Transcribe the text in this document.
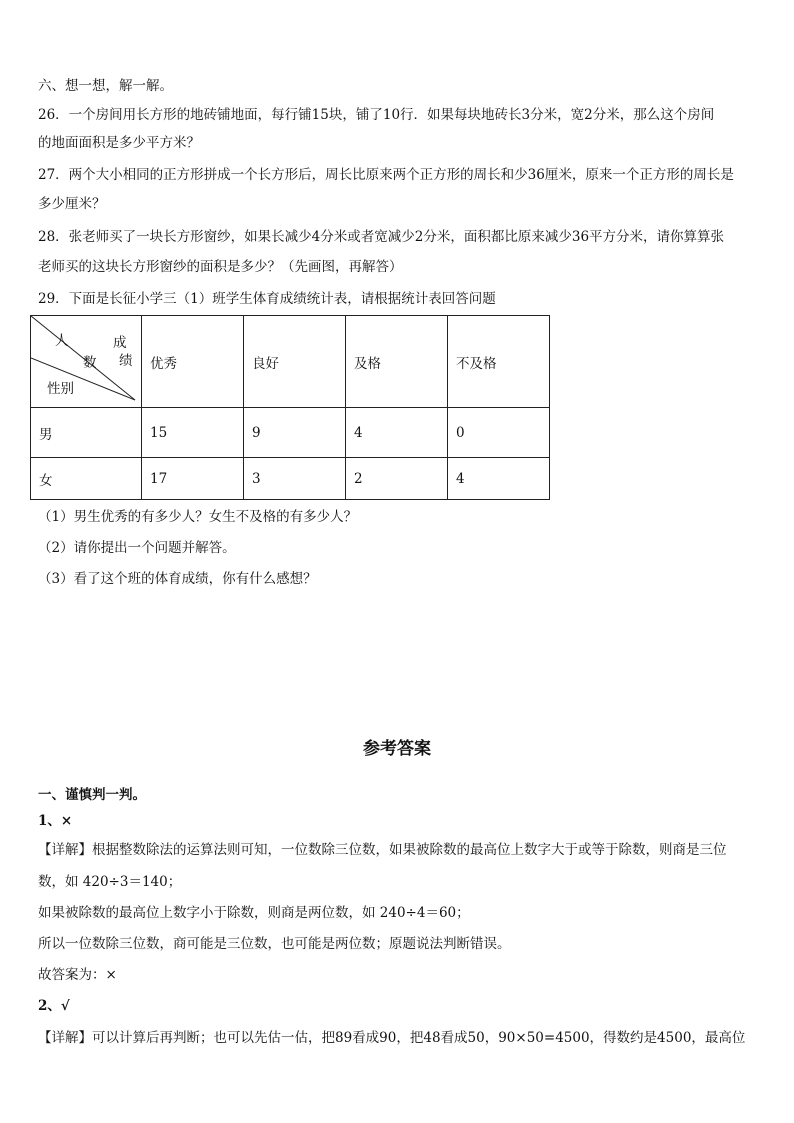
六、想一想，解一解。
26．一个房间用长方形的地砖铺地面，每行铺15块，铺了10行．如果每块地砖长3分米，宽2分米，那么这个房间
的地面面积是多少平方米？
27．两个大小相同的正方形拼成一个长方形后，周长比原来两个正方形的周长和少36厘米，原来一个正方形的周长是
多少厘米？
28．张老师买了一块长方形窗纱，如果长减少4分米或者宽减少2分米，面积都比原来减少36平方分米，请你算算张
老师买的这块长方形窗纱的面积是多少？（先画图，再解答）
29．下面是长征小学三（1）班学生体育成绩统计表，请根据统计表回答问题
人
数
成
绩
性别	优秀	良好	及格	不及格
男	15	9	4	0
女	17	3	2	4
（1）男生优秀的有多少人？女生不及格的有多少人？
（2）请你提出一个问题并解答。
（3）看了这个班的体育成绩，你有什么感想？
参考答案
一、谨慎判一判。
1、×
【详解】根据整数除法的运算法则可知，一位数除三位数，如果被除数的最高位上数字大于或等于除数，则商是三位
数，如 420÷3＝140；
如果被除数的最高位上数字小于除数，则商是两位数，如 240÷4＝60；
所以一位数除三位数，商可能是三位数，也可能是两位数；原题说法判断错误。
故答案为：×
2、√
【详解】可以计算后再判断；也可以先估一估，把89看成90，把48看成50，90×50=4500，得数约是4500，最高位
